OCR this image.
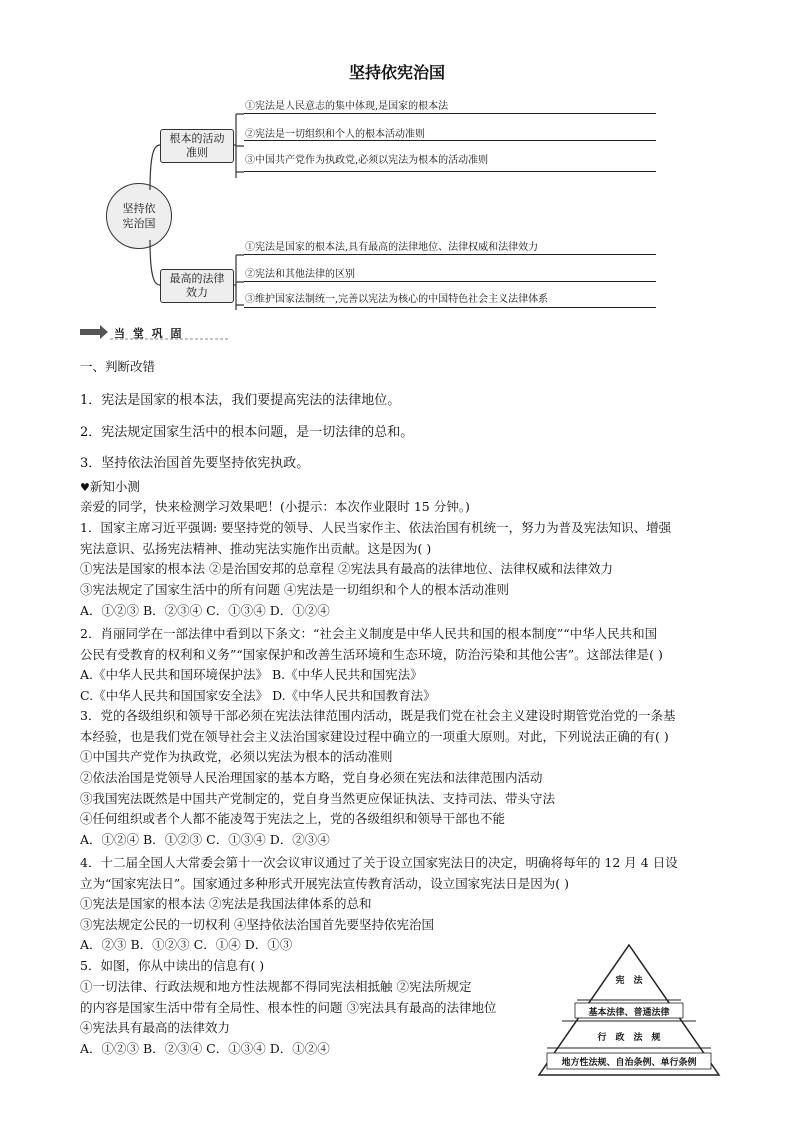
坚持依宪治国
坚持依
宪治国
根本的活动
准则
最高的法律
效力
①宪法是人民意志的集中体现,是国家的根本法
②宪法是一切组织和个人的根本活动准则
③中国共产党作为执政党,必须以宪法为根本的活动准则
①宪法是国家的根本法,具有最高的法律地位、法律权威和法律效力
②宪法和其他法律的区别
③维护国家法制统一,完善以宪法为核心的中国特色社会主义法律体系
当 堂 巩 固
一、判断改错
1．宪法是国家的根本法，我们要提高宪法的法律地位。
2．宪法规定国家生活中的根本问题，是一切法律的总和。
3．坚持依法治国首先要坚持依宪执政。
♥新知小测
亲爱的同学，快来检测学习效果吧！(小提示：本次作业限时 15 分钟。)
1．国家主席习近平强调: 要坚持党的领导、人民当家作主、依法治国有机统一，努力为普及宪法知识、增强
宪法意识、弘扬宪法精神、推动宪法实施作出贡献。这是因为( )
①宪法是国家的根本法 ②是治国安邦的总章程 ②宪法具有最高的法律地位、法律权威和法律效力
③宪法规定了国家生活中的所有问题 ④宪法是一切组织和个人的根本活动准则
A．①②③ B．②③④ C．①③④ D．①②④
2．肖丽同学在一部法律中看到以下条文：“社会主义制度是中华人民共和国的根本制度”“中华人民共和国
公民有受教育的权利和义务”“国家保护和改善生活环境和生态环境，防治污染和其他公害”。这部法律是( )
A.《中华人民共和国环境保护法》 B.《中华人民共和国宪法》
C.《中华人民共和国国家安全法》 D.《中华人民共和国教育法》
3．党的各级组织和领导干部必须在宪法法律范围内活动，既是我们党在社会主义建设时期管党治党的一条基
本经验，也是我们党在领导社会主义法治国家建设过程中确立的一项重大原则。对此，下列说法正确的有( )
①中国共产党作为执政党，必须以宪法为根本的活动准则
②依法治国是党领导人民治理国家的基本方略，党自身必须在宪法和法律范围内活动
③我国宪法既然是中国共产党制定的，党自身当然更应保证执法、支持司法、带头守法
④任何组织或者个人都不能凌驾于宪法之上，党的各级组织和领导干部也不能
A．①②④ B．①②③ C．①③④ D．②③④
4．十二届全国人大常委会第十一次会议审议通过了关于设立国家宪法日的决定，明确将每年的 12 月 4 日设
立为“国家宪法日”。国家通过多种形式开展宪法宣传教育活动，设立国家宪法日是因为( )
①宪法是国家的根本法 ②宪法是我国法律体系的总和
③宪法规定公民的一切权利 ④坚持依法治国首先要坚持依宪治国
A．②③ B．①②③ C．①④ D．①③
5．如图，你从中读出的信息有( )
①一切法律、行政法规和地方性法规都不得同宪法相抵触 ②宪法所规定
的内容是国家生活中带有全局性、根本性的问题 ③宪法具有最高的法律地位
④宪法具有最高的法律效力
A．①②③ B．②③④ C．①③④ D．①②④
宪　法
基本法律、普通法律
行　政　法　规
地方性法规、自治条例、单行条例
